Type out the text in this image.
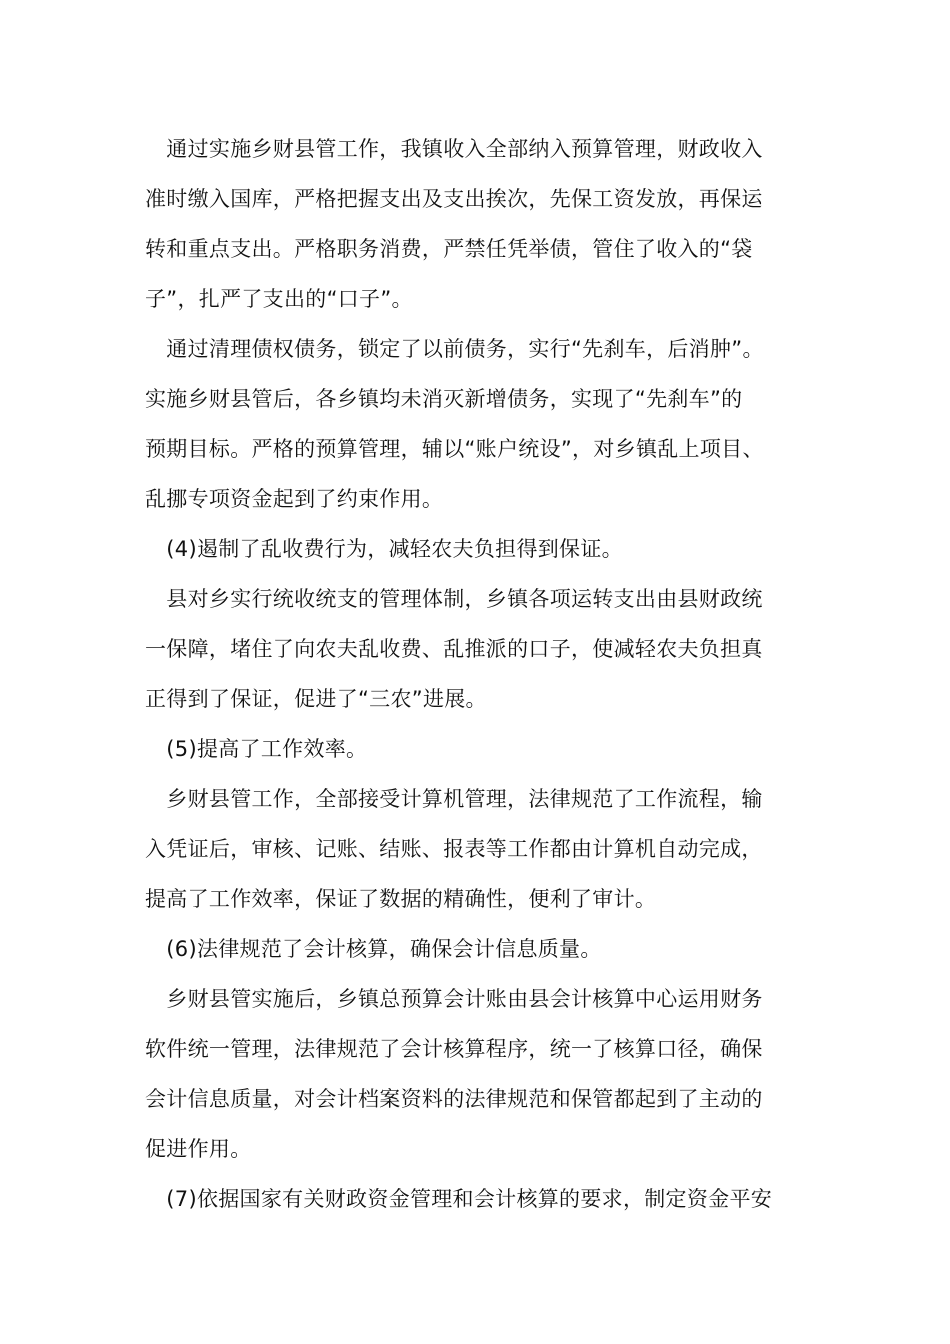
　通过实施乡财县管工作，我镇收入全部纳入预算管理，财政收入
准时缴入国库，严格把握支出及支出挨次，先保工资发放，再保运
转和重点支出。严格职务消费，严禁任凭举债，管住了收入的“袋
子”，扎严了支出的“口子”。
　通过清理债权债务，锁定了以前债务，实行“先刹车，后消肿”。
实施乡财县管后，各乡镇均未消灭新增债务，实现了“先刹车”的
预期目标。严格的预算管理，辅以“账户统设”，对乡镇乱上项目、
乱挪专项资金起到了约束作用。
　(4)遏制了乱收费行为，减轻农夫负担得到保证。
　县对乡实行统收统支的管理体制，乡镇各项运转支出由县财政统
一保障，堵住了向农夫乱收费、乱推派的口子，使减轻农夫负担真
正得到了保证，促进了“三农”进展。
　(5)提高了工作效率。
　乡财县管工作，全部接受计算机管理，法律规范了工作流程，输
入凭证后，审核、记账、结账、报表等工作都由计算机自动完成，
提高了工作效率，保证了数据的精确性，便利了审计。
　(6)法律规范了会计核算，确保会计信息质量。
　乡财县管实施后，乡镇总预算会计账由县会计核算中心运用财务
软件统一管理，法律规范了会计核算程序，统一了核算口径，确保
会计信息质量，对会计档案资料的法律规范和保管都起到了主动的
促进作用。
　(7)依据国家有关财政资金管理和会计核算的要求，制定资金平安
